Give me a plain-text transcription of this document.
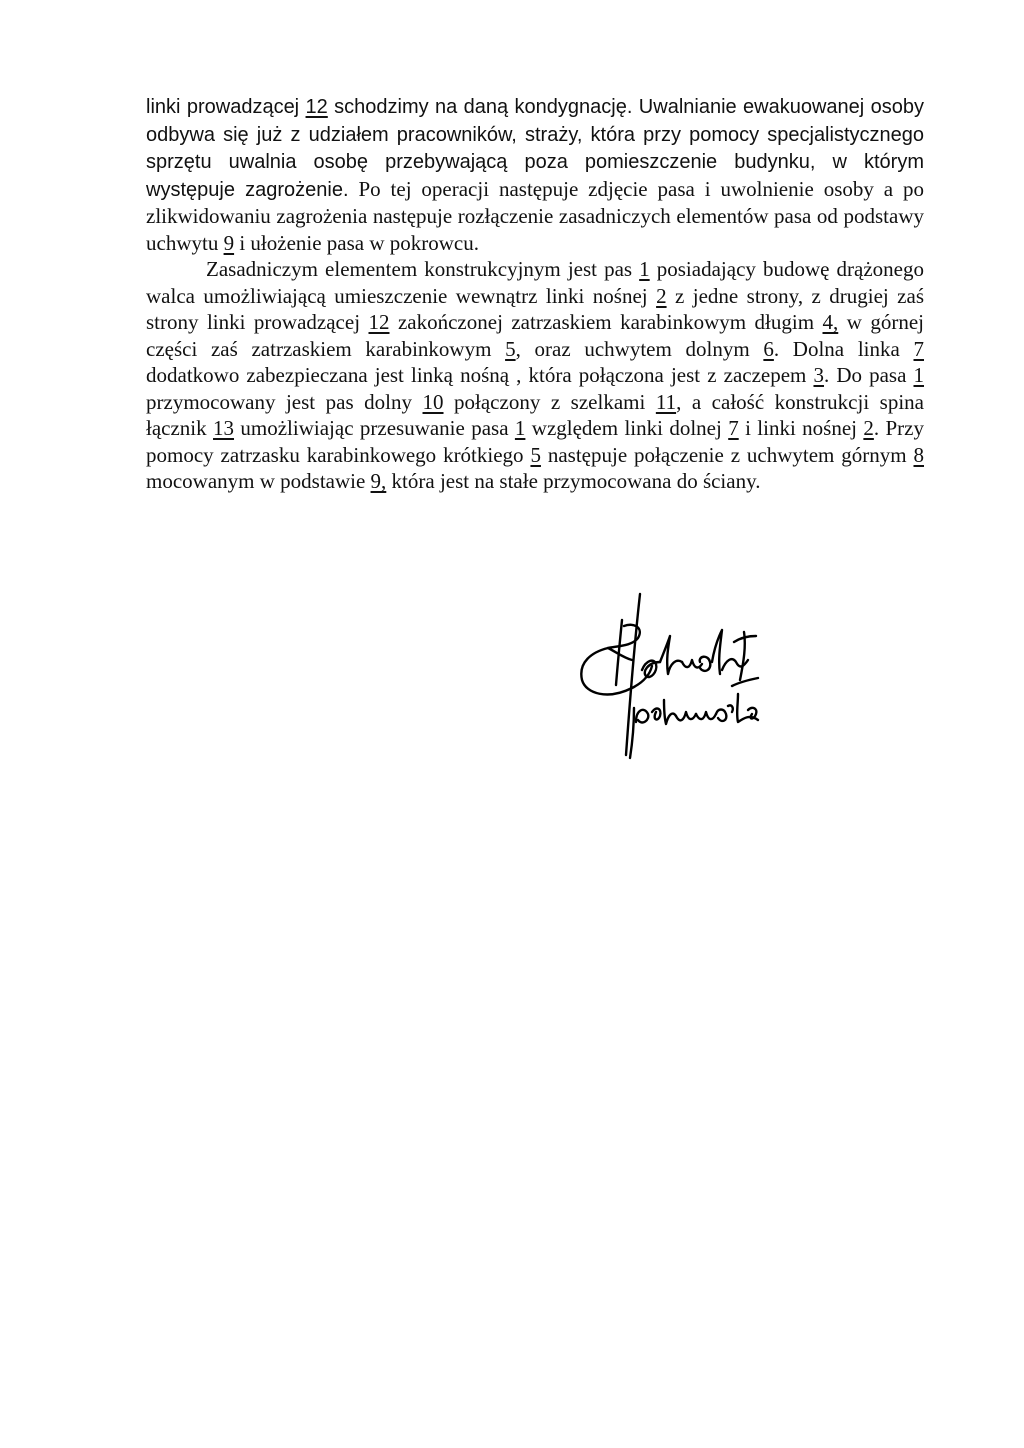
linki prowadzącej 12 schodzimy na daną kondygnację. Uwalnianie ewakuowanej osoby odbywa się już z udziałem pracowników, straży, która przy pomocy specjalistycznego sprzętu uwalnia osobę przebywającą poza pomieszczenie budynku, w którym występuje zagrożenie. Po tej operacji następuje zdjęcie pasa i uwolnienie osoby a po zlikwidowaniu zagrożenia następuje rozłączenie zasadniczych elementów pasa od podstawy uchwytu 9 i ułożenie pasa w pokrowcu.

Zasadniczym elementem konstrukcyjnym jest pas 1 posiadający budowę drążonego walca umożliwiającą umieszczenie wewnątrz linki nośnej 2 z jedne strony, z drugiej zaś strony linki prowadzącej 12 zakończonej zatrzaskiem karabinkowym długim 4, w górnej części zaś zatrzaskiem karabinkowym 5, oraz uchwytem dolnym 6. Dolna linka 7 dodatkowo zabezpieczana jest linką nośną , która połączona jest z zaczepem 3. Do pasa 1 przymocowany jest pas dolny 10 połączony z szelkami 11, a całość konstrukcji spina łącznik 13 umożliwiając przesuwanie pasa 1 względem linki dolnej 7 i linki nośnej 2. Przy pomocy zatrzasku karabinkowego krótkiego 5 następuje połączenie z uchwytem górnym 8 mocowanym w podstawie 9, która jest na stałe przymocowana do ściany.
